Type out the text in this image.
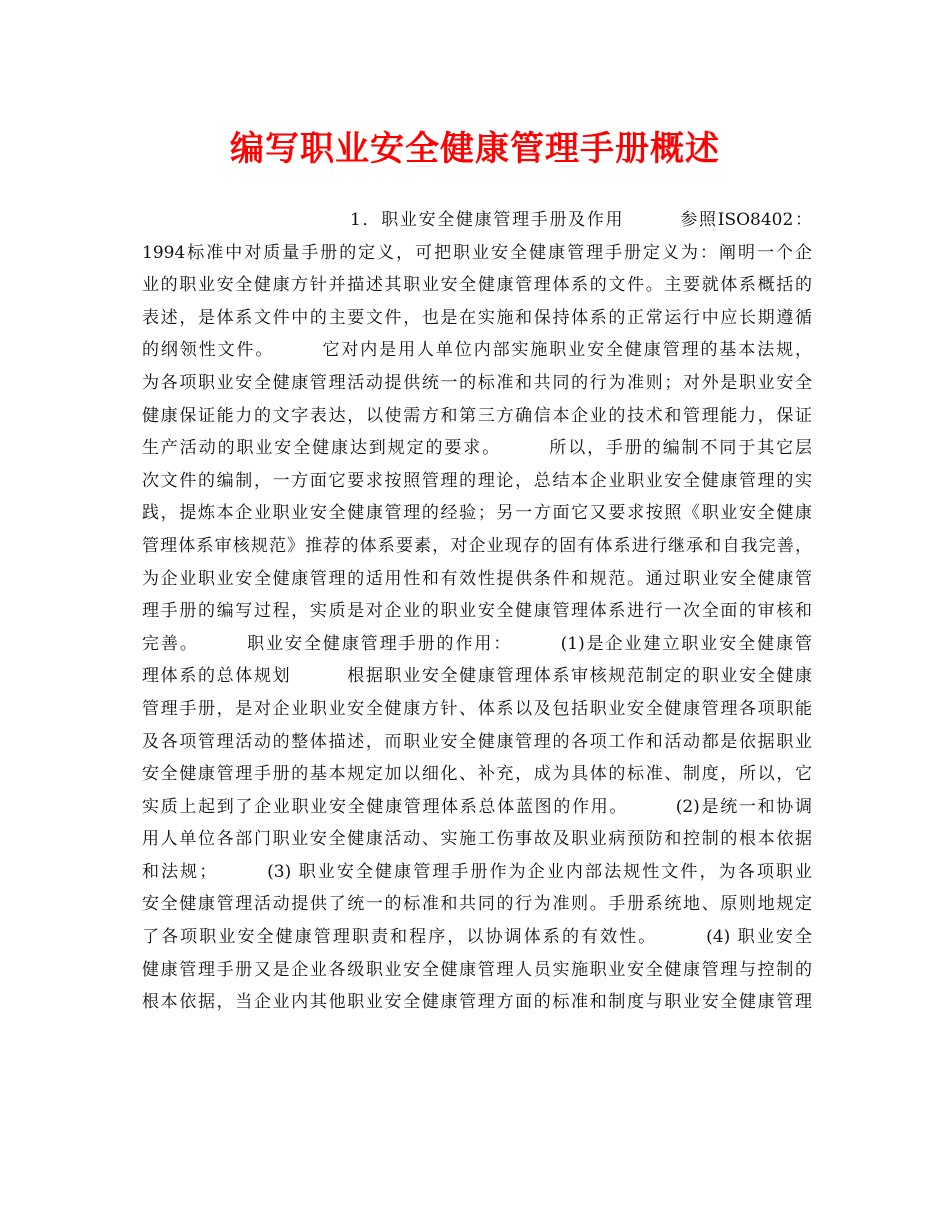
编写职业安全健康管理手册概述
1．职业安全健康管理手册及作用　　　参照ISO8402：
1994标准中对质量手册的定义，可把职业安全健康管理手册定义为：阐明一个企
业的职业安全健康方针并描述其职业安全健康管理体系的文件。主要就体系概括的
表述，是体系文件中的主要文件，也是在实施和保持体系的正常运行中应长期遵循
的纲领性文件。　　　它对内是用人单位内部实施职业安全健康管理的基本法规，
为各项职业安全健康管理活动提供统一的标准和共同的行为准则；对外是职业安全
健康保证能力的文字表达，以使需方和第三方确信本企业的技术和管理能力，保证
生产活动的职业安全健康达到规定的要求。　　　所以，手册的编制不同于其它层
次文件的编制，一方面它要求按照管理的理论，总结本企业职业安全健康管理的实
践，提炼本企业职业安全健康管理的经验；另一方面它又要求按照《职业安全健康
管理体系审核规范》推荐的体系要素，对企业现存的固有体系进行继承和自我完善，
为企业职业安全健康管理的适用性和有效性提供条件和规范。通过职业安全健康管
理手册的编写过程，实质是对企业的职业安全健康管理体系进行一次全面的审核和
完善。　　　职业安全健康管理手册的作用：　　　(1)是企业建立职业安全健康管
理体系的总体规划　　　根据职业安全健康管理体系审核规范制定的职业安全健康
管理手册，是对企业职业安全健康方针、体系以及包括职业安全健康管理各项职能
及各项管理活动的整体描述，而职业安全健康管理的各项工作和活动都是依据职业
安全健康管理手册的基本规定加以细化、补充，成为具体的标准、制度，所以，它
实质上起到了企业职业安全健康管理体系总体蓝图的作用。　　　(2)是统一和协调
用人单位各部门职业安全健康活动、实施工伤事故及职业病预防和控制的根本依据
和法规；　　　(3) 职业安全健康管理手册作为企业内部法规性文件，为各项职业
安全健康管理活动提供了统一的标准和共同的行为准则。手册系统地、原则地规定
了各项职业安全健康管理职责和程序，以协调体系的有效性。　　　(4) 职业安全
健康管理手册又是企业各级职业安全健康管理人员实施职业安全健康管理与控制的
根本依据，当企业内其他职业安全健康管理方面的标准和制度与职业安全健康管理
